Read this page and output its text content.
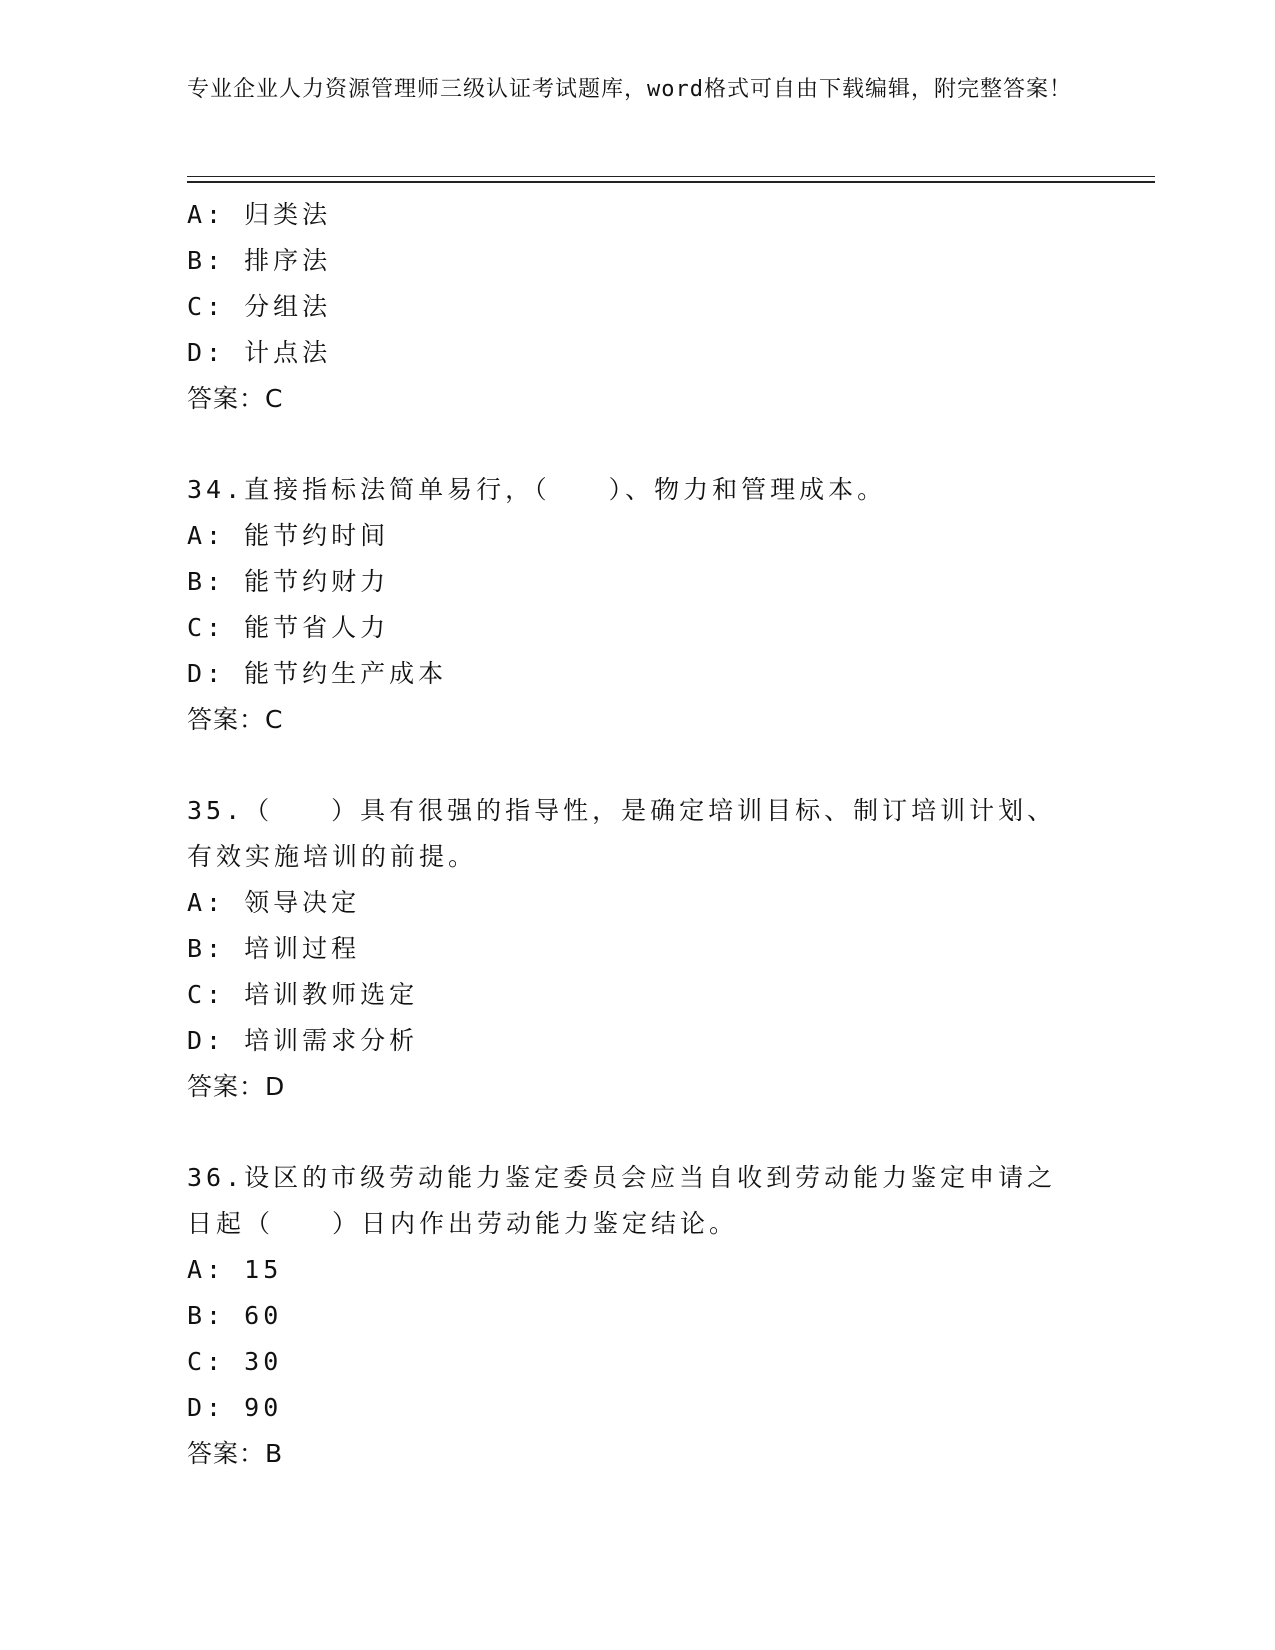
专业企业人力资源管理师三级认证考试题库，word格式可自由下载编辑，附完整答案！
A: 归类法
B: 排序法
C: 分组法
D: 计点法
答案：C
34.直接指标法简单易行，（　　）、物力和管理成本。
A: 能节约时间
B: 能节约财力
C: 能节省人力
D: 能节约生产成本
答案：C
35.（　　）具有很强的指导性，是确定培训目标、制订培训计划、有效实施培训的前提。
A: 领导决定
B: 培训过程
C: 培训教师选定
D: 培训需求分析
答案：D
36.设区的市级劳动能力鉴定委员会应当自收到劳动能力鉴定申请之日起（　　）日内作出劳动能力鉴定结论。
A: 15
B: 60
C: 30
D: 90
答案：B
